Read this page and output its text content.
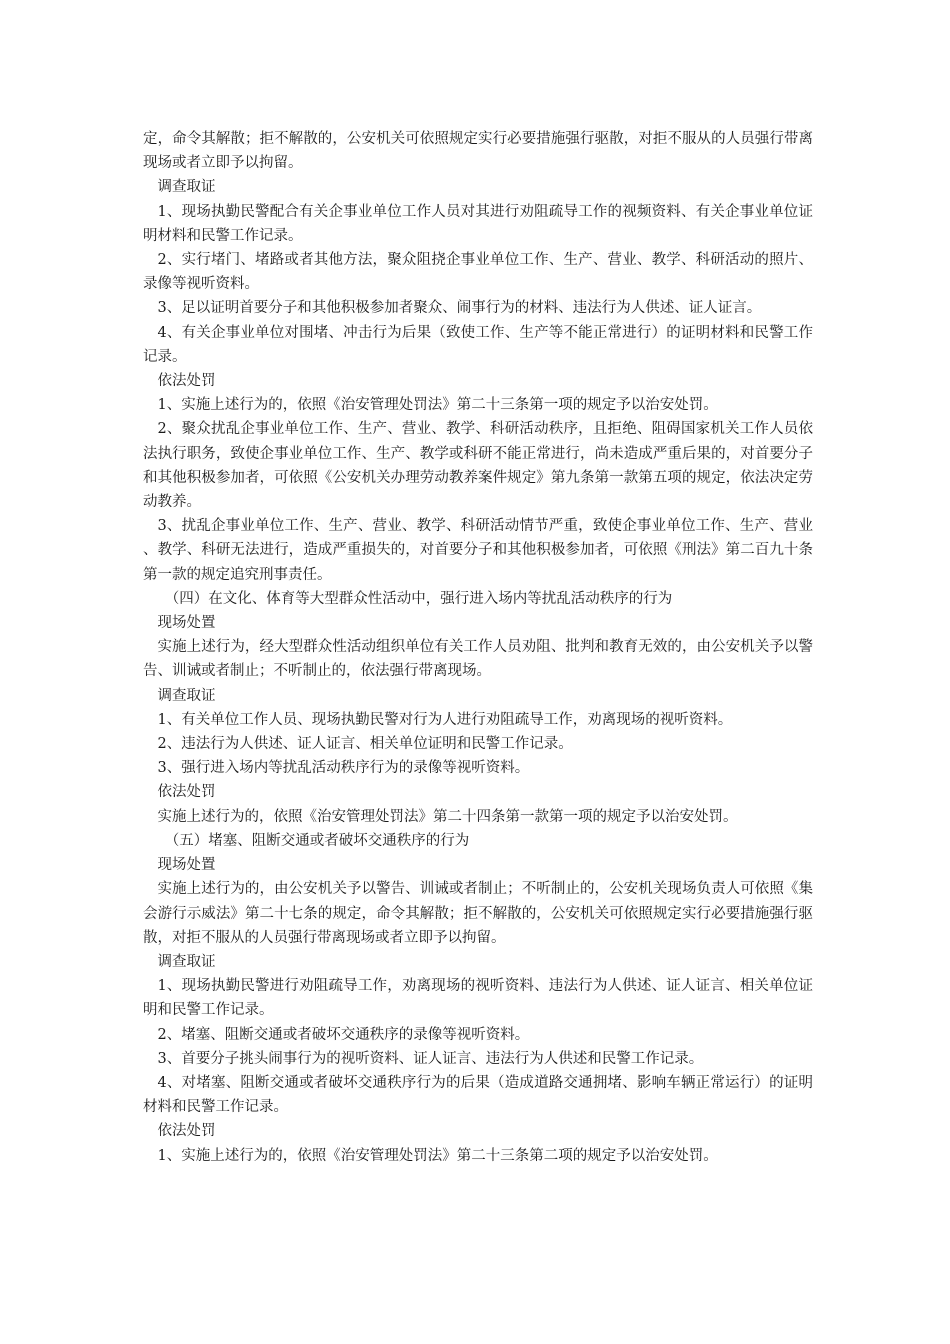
定，命令其解散；拒不解散的，公安机关可依照规定实行必要措施强行驱散，对拒不服从的人员强行带离现场或者立即予以拘留。

调查取证

1、现场执勤民警配合有关企事业单位工作人员对其进行劝阻疏导工作的视频资料、有关企事业单位证明材料和民警工作记录。

2、实行堵门、堵路或者其他方法，聚众阻挠企事业单位工作、生产、营业、教学、科研活动的照片、录像等视听资料。

3、足以证明首要分子和其他积极参加者聚众、闹事行为的材料、违法行为人供述、证人证言。

4、有关企事业单位对围堵、冲击行为后果（致使工作、生产等不能正常进行）的证明材料和民警工作记录。

依法处罚

1、实施上述行为的，依照《治安管理处罚法》第二十三条第一项的规定予以治安处罚。

2、聚众扰乱企事业单位工作、生产、营业、教学、科研活动秩序，且拒绝、阻碍国家机关工作人员依法执行职务，致使企事业单位工作、生产、教学或科研不能正常进行，尚未造成严重后果的，对首要分子和其他积极参加者，可依照《公安机关办理劳动教养案件规定》第九条第一款第五项的规定，依法决定劳动教养。

3、扰乱企事业单位工作、生产、营业、教学、科研活动情节严重，致使企事业单位工作、生产、营业、教学、科研无法进行，造成严重损失的，对首要分子和其他积极参加者，可依照《刑法》第二百九十条第一款的规定追究刑事责任。

（四）在文化、体育等大型群众性活动中，强行进入场内等扰乱活动秩序的行为

现场处置

实施上述行为，经大型群众性活动组织单位有关工作人员劝阻、批判和教育无效的，由公安机关予以警告、训诫或者制止；不听制止的，依法强行带离现场。

调查取证

1、有关单位工作人员、现场执勤民警对行为人进行劝阻疏导工作，劝离现场的视听资料。

2、违法行为人供述、证人证言、相关单位证明和民警工作记录。

3、强行进入场内等扰乱活动秩序行为的录像等视听资料。

依法处罚

实施上述行为的，依照《治安管理处罚法》第二十四条第一款第一项的规定予以治安处罚。

（五）堵塞、阻断交通或者破坏交通秩序的行为

现场处置

实施上述行为的，由公安机关予以警告、训诫或者制止；不听制止的，公安机关现场负责人可依照《集会游行示威法》第二十七条的规定，命令其解散；拒不解散的，公安机关可依照规定实行必要措施强行驱散，对拒不服从的人员强行带离现场或者立即予以拘留。

调查取证

1、现场执勤民警进行劝阻疏导工作，劝离现场的视听资料、违法行为人供述、证人证言、相关单位证明和民警工作记录。

2、堵塞、阻断交通或者破坏交通秩序的录像等视听资料。

3、首要分子挑头闹事行为的视听资料、证人证言、违法行为人供述和民警工作记录。

4、对堵塞、阻断交通或者破坏交通秩序行为的后果（造成道路交通拥堵、影响车辆正常运行）的证明材料和民警工作记录。

依法处罚

1、实施上述行为的，依照《治安管理处罚法》第二十三条第二项的规定予以治安处罚。
